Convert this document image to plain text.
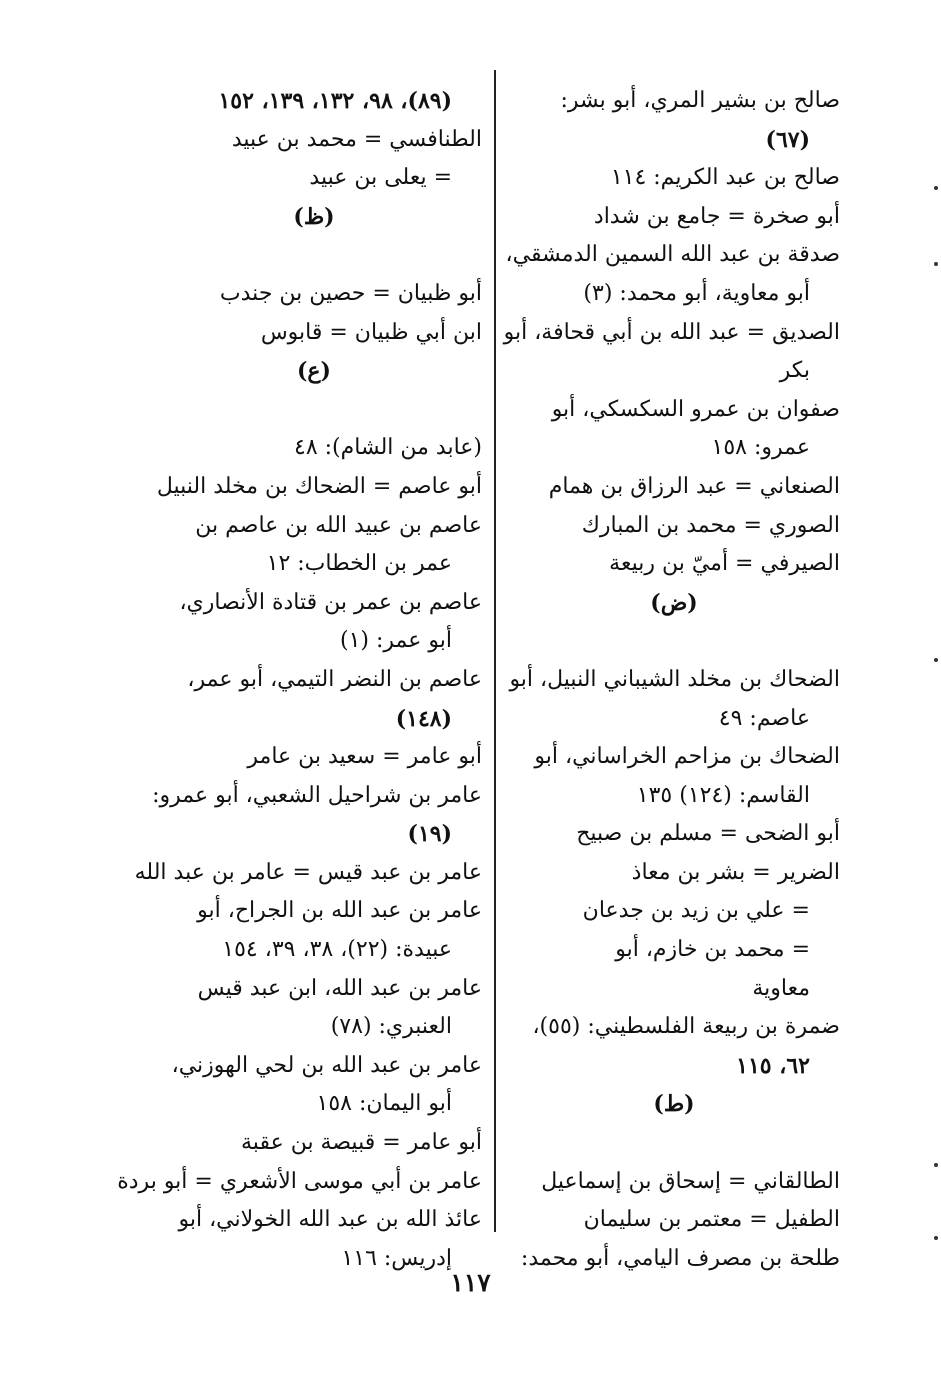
صالح بن بشير المري، أبو بشر:
(٦٧)
صالح بن عبد الكريم: ١١٤
أبو صخرة = جامع بن شداد
صدقة بن عبد الله السمين الدمشقي،
أبو معاوية، أبو محمد: (٣)
الصديق = عبد الله بن أبي قحافة، أبو
بكر
صفوان بن عمرو السكسكي، أبو
عمرو: ١٥٨
الصنعاني = عبد الرزاق بن همام
الصوري = محمد بن المبارك
الصيرفي = أميّ بن ربيعة
(ض)
الضحاك بن مخلد الشيباني النبيل، أبو
عاصم: ٤٩
الضحاك بن مزاحم الخراساني، أبو
القاسم: (١٢٤) ١٣٥
أبو الضحى = مسلم بن صبيح
الضرير = بشر بن معاذ
= علي بن زيد بن جدعان
= محمد بن خازم، أبو
معاوية
ضمرة بن ربيعة الفلسطيني: (٥٥)،
٦٢، ١١٥
(ط)
الطالقاني = إسحاق بن إسماعيل
الطفيل = معتمر بن سليمان
طلحة بن مصرف اليامي، أبو محمد:
(٨٩)، ٩٨، ١٣٢، ١٣٩، ١٥٢
الطنافسي = محمد بن عبيد
= يعلى بن عبيد
(ظ)
أبو ظبيان = حصين بن جندب
ابن أبي ظبيان = قابوس
(ع)
(عابد من الشام): ٤٨
أبو عاصم = الضحاك بن مخلد النبيل
عاصم بن عبيد الله بن عاصم بن
عمر بن الخطاب: ١٢
عاصم بن عمر بن قتادة الأنصاري،
أبو عمر: (١)
عاصم بن النضر التيمي، أبو عمر،
(١٤٨)
أبو عامر = سعيد بن عامر
عامر بن شراحيل الشعبي، أبو عمرو:
(١٩)
عامر بن عبد قيس = عامر بن عبد الله
عامر بن عبد الله بن الجراح، أبو
عبيدة: (٢٢)، ٣٨، ٣٩، ١٥٤
عامر بن عبد الله، ابن عبد قيس
العنبري: (٧٨)
عامر بن عبد الله بن لحي الهوزني،
أبو اليمان: ١٥٨
أبو عامر = قبيصة بن عقبة
عامر بن أبي موسى الأشعري = أبو بردة
عائذ الله بن عبد الله الخولاني، أبو
إدريس: ١١٦
١١٧
